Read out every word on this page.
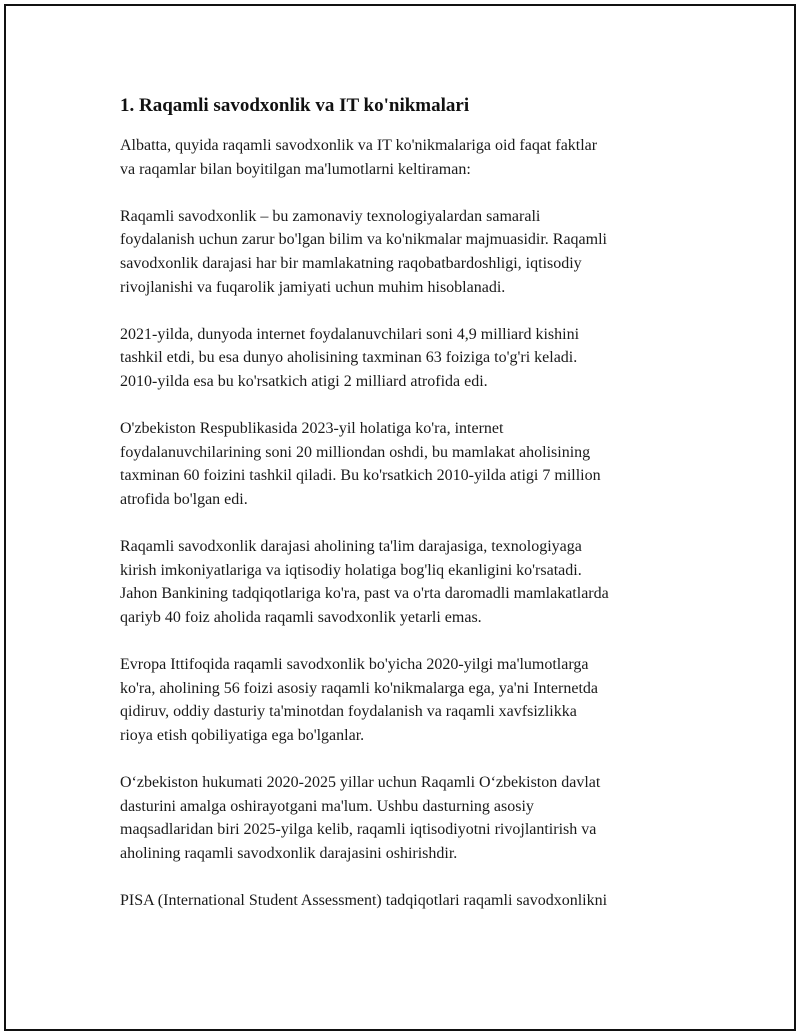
1. Raqamli savodxonlik va IT ko'nikmalari

Albatta, quyida raqamli savodxonlik va IT ko'nikmalariga oid faqat faktlar
va raqamlar bilan boyitilgan ma'lumotlarni keltiraman:

Raqamli savodxonlik – bu zamonaviy texnologiyalardan samarali
foydalanish uchun zarur bo'lgan bilim va ko'nikmalar majmuasidir. Raqamli
savodxonlik darajasi har bir mamlakatning raqobatbardoshligi, iqtisodiy
rivojlanishi va fuqarolik jamiyati uchun muhim hisoblanadi.

2021-yilda, dunyoda internet foydalanuvchilari soni 4,9 milliard kishini
tashkil etdi, bu esa dunyo aholisining taxminan 63 foiziga to'g'ri keladi.
2010-yilda esa bu ko'rsatkich atigi 2 milliard atrofida edi.

O'zbekiston Respublikasida 2023-yil holatiga ko'ra, internet
foydalanuvchilarining soni 20 milliondan oshdi, bu mamlakat aholisining
taxminan 60 foizini tashkil qiladi. Bu ko'rsatkich 2010-yilda atigi 7 million
atrofida bo'lgan edi.

Raqamli savodxonlik darajasi aholining ta'lim darajasiga, texnologiyaga
kirish imkoniyatlariga va iqtisodiy holatiga bog'liq ekanligini ko'rsatadi.
Jahon Bankining tadqiqotlariga ko'ra, past va o'rta daromadli mamlakatlarda
qariyb 40 foiz aholida raqamli savodxonlik yetarli emas.

Evropa Ittifoqida raqamli savodxonlik bo'yicha 2020-yilgi ma'lumotlarga
ko'ra, aholining 56 foizi asosiy raqamli ko'nikmalarga ega, ya'ni Internetda
qidiruv, oddiy dasturiy ta'minotdan foydalanish va raqamli xavfsizlikka
rioya etish qobiliyatiga ega bo'lganlar.

O‘zbekiston hukumati 2020-2025 yillar uchun Raqamli O‘zbekiston davlat
dasturini amalga oshirayotgani ma'lum. Ushbu dasturning asosiy
maqsadlaridan biri 2025-yilga kelib, raqamli iqtisodiyotni rivojlantirish va
aholining raqamli savodxonlik darajasini oshirishdir.

PISA (International Student Assessment) tadqiqotlari raqamli savodxonlikni
